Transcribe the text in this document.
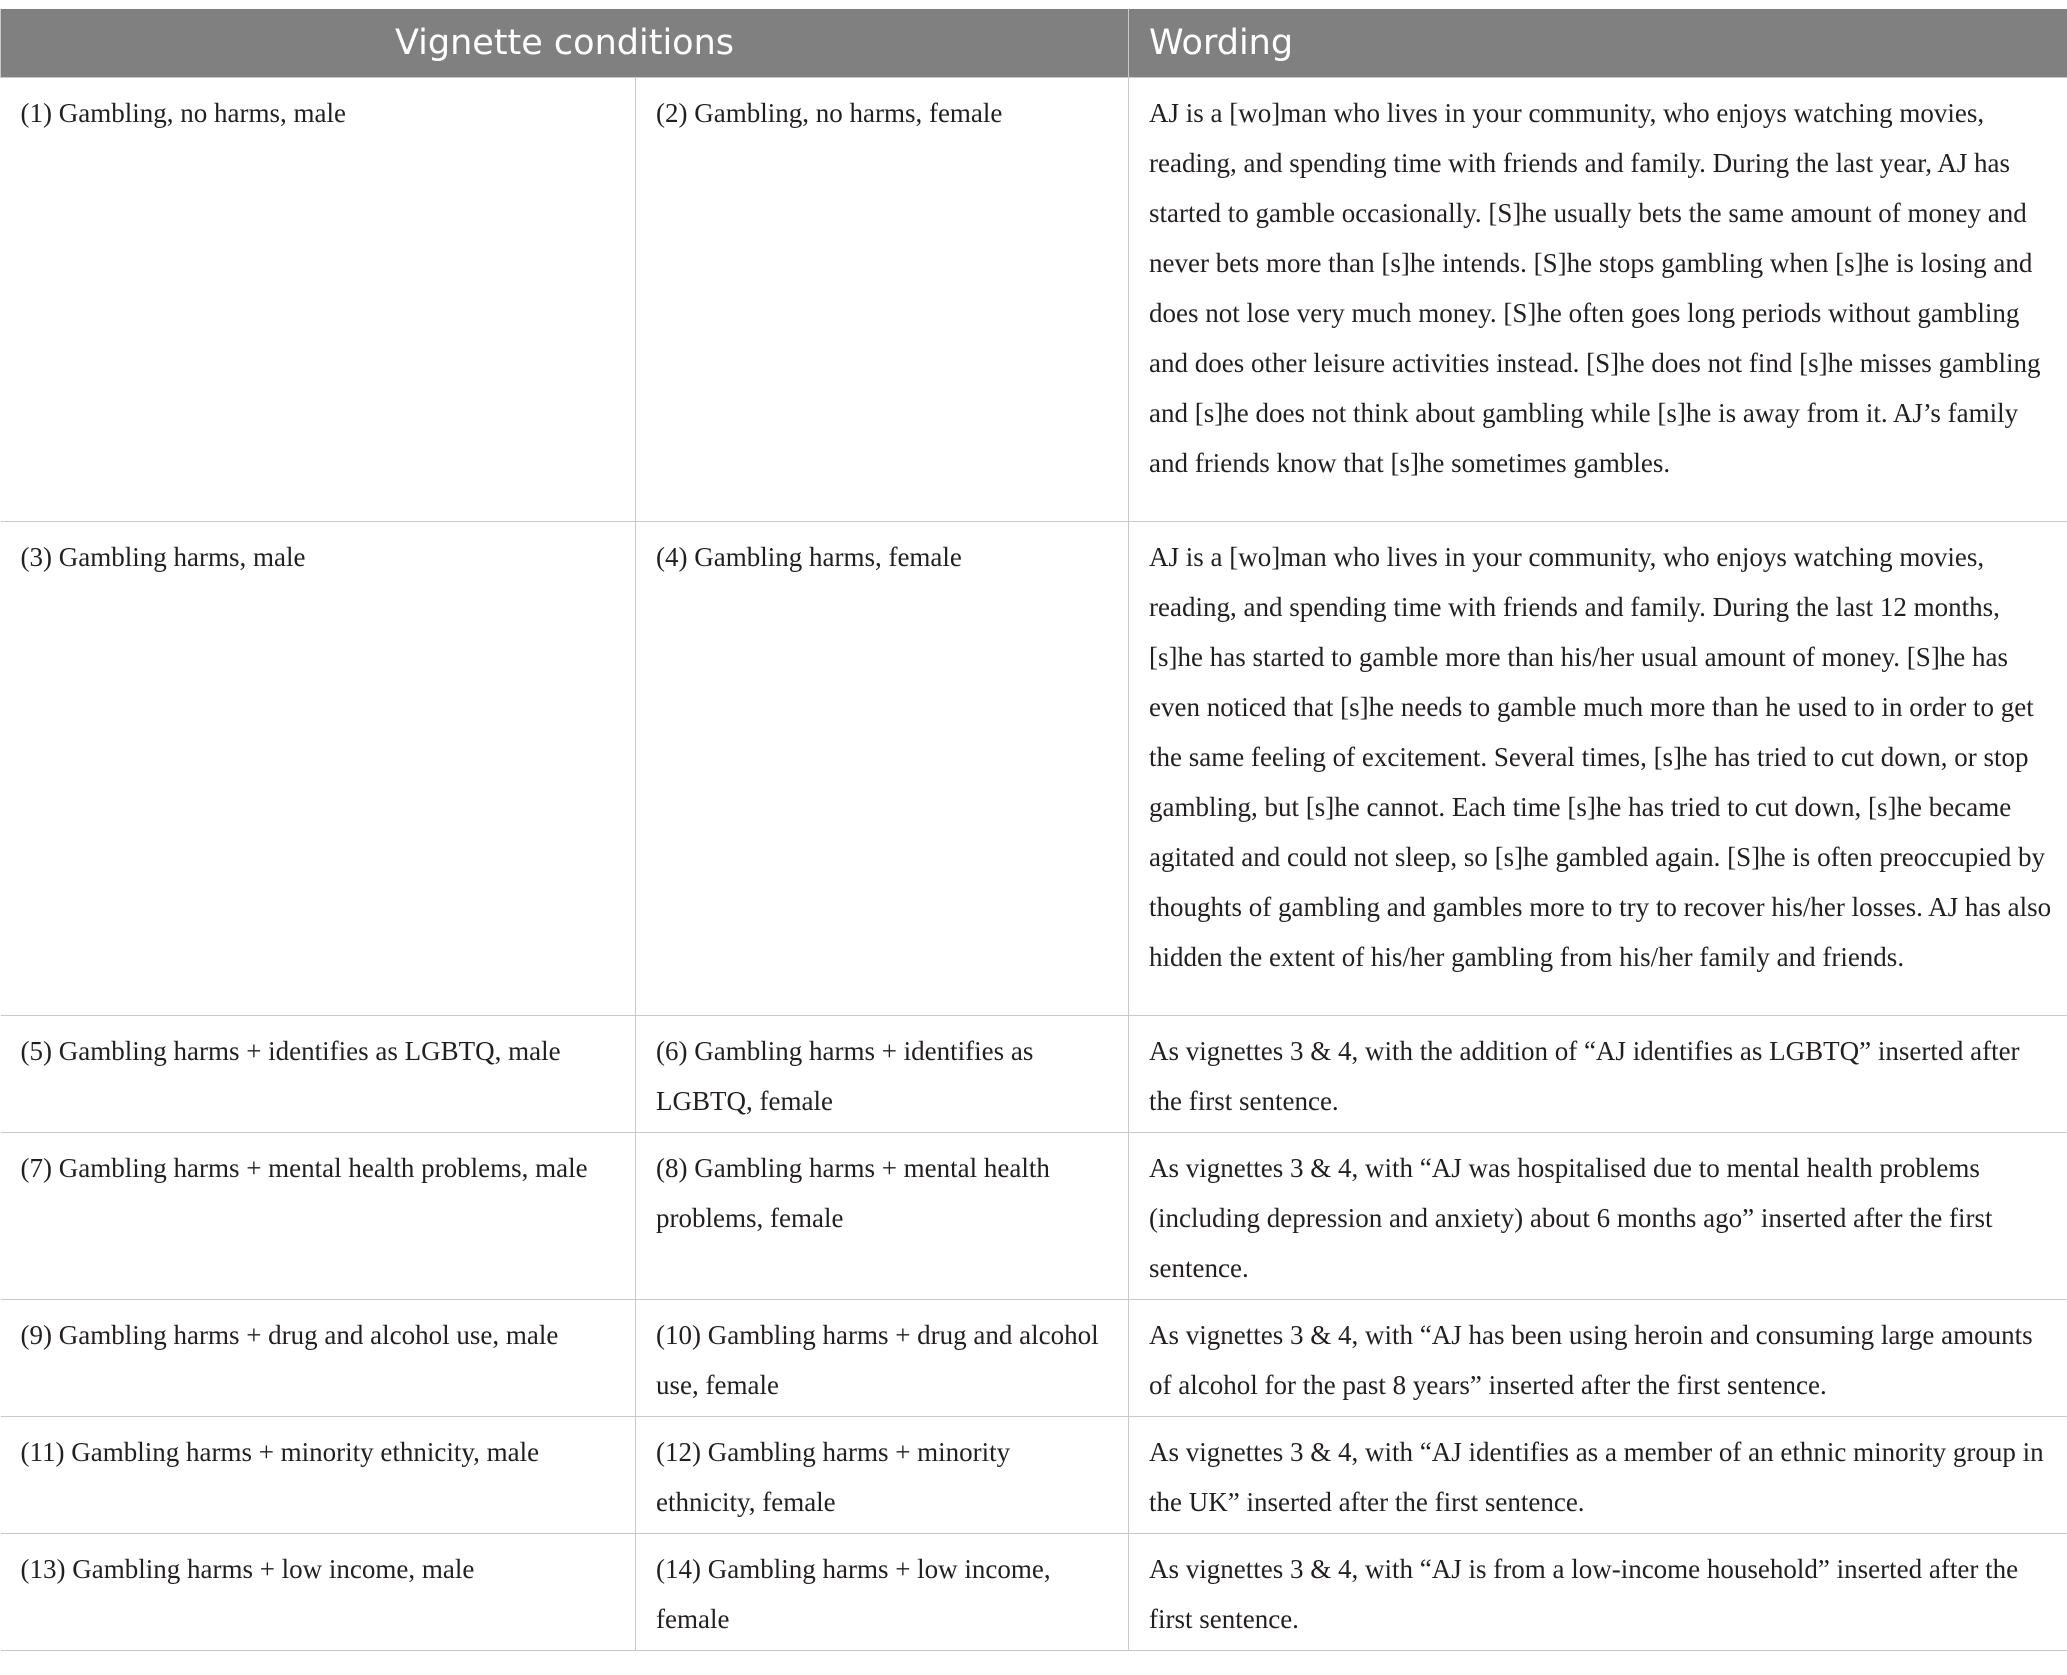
Vignette conditions		Wording
(1) Gambling, no harms, male	(2) Gambling, no harms, female	AJ is a [wo]man who lives in your community, who enjoys watching movies, reading, and spending time with friends and family. During the last year, AJ has started to gamble occasionally. [S]he usually bets the same amount of money and never bets more than [s]he intends. [S]he stops gambling when [s]he is losing and does not lose very much money. [S]he often goes long periods without gambling and does other leisure activities instead. [S]he does not find [s]he misses gambling and [s]he does not think about gambling while [s]he is away from it. AJ’s family and friends know that [s]he sometimes gambles.
(3) Gambling harms, male	(4) Gambling harms, female	AJ is a [wo]man who lives in your community, who enjoys watching movies, reading, and spending time with friends and family. During the last 12 months, [s]he has started to gamble more than his/her usual amount of money. [S]he has even noticed that [s]he needs to gamble much more than he used to in order to get the same feeling of excitement. Several times, [s]he has tried to cut down, or stop gambling, but [s]he cannot. Each time [s]he has tried to cut down, [s]he became agitated and could not sleep, so [s]he gambled again. [S]he is often preoccupied by thoughts of gambling and gambles more to try to recover his/her losses. AJ has also hidden the extent of his/her gambling from his/her family and friends.
(5) Gambling harms + identifies as LGBTQ, male	(6) Gambling harms + identifies as LGBTQ, female	As vignettes 3 & 4, with the addition of “AJ identifies as LGBTQ” inserted after the first sentence.
(7) Gambling harms + mental health problems, male	(8) Gambling harms + mental health problems, female	As vignettes 3 & 4, with “AJ was hospitalised due to mental health problems (including depression and anxiety) about 6 months ago” inserted after the first sentence.
(9) Gambling harms + drug and alcohol use, male	(10) Gambling harms + drug and alcohol use, female	As vignettes 3 & 4, with “AJ has been using heroin and consuming large amounts of alcohol for the past 8 years” inserted after the first sentence.
(11) Gambling harms + minority ethnicity, male	(12) Gambling harms + minority ethnicity, female	As vignettes 3 & 4, with “AJ identifies as a member of an ethnic minority group in the UK” inserted after the first sentence.
(13) Gambling harms + low income, male	(14) Gambling harms + low income, female	As vignettes 3 & 4, with “AJ is from a low-income household” inserted after the first sentence.
